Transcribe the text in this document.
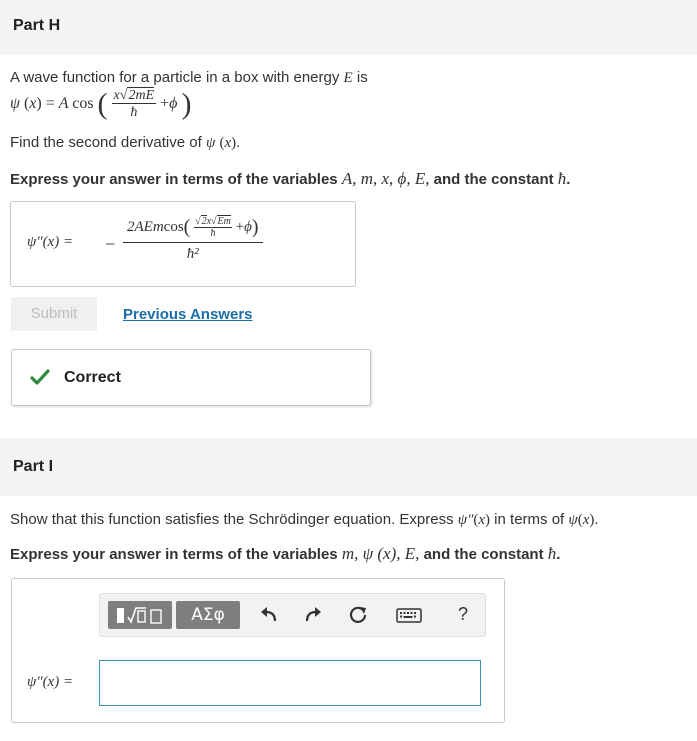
Part H
A wave function for a particle in a box with energy E is
ψ (x) = A cos ( $\frac{x√2mE}{ħ} +\phi$ )
Find the second derivative of ψ (x).
Express your answer in terms of the variables A, m, x, ϕ, E, and the constant ħ.
ψ″(x) = −
$2AEmcos( \frac{√2x√Em}{ħ} +\phi)$
ħ²
Submit	Previous Answers
Correct
Part I
Show that this function satisfies the Schrödinger equation. Express ψ″(x) in terms of ψ(x).
Express your answer in terms of the variables m, ψ (x), E, and the constant ħ.
ΑΣφ	?
ψ″(x) =
